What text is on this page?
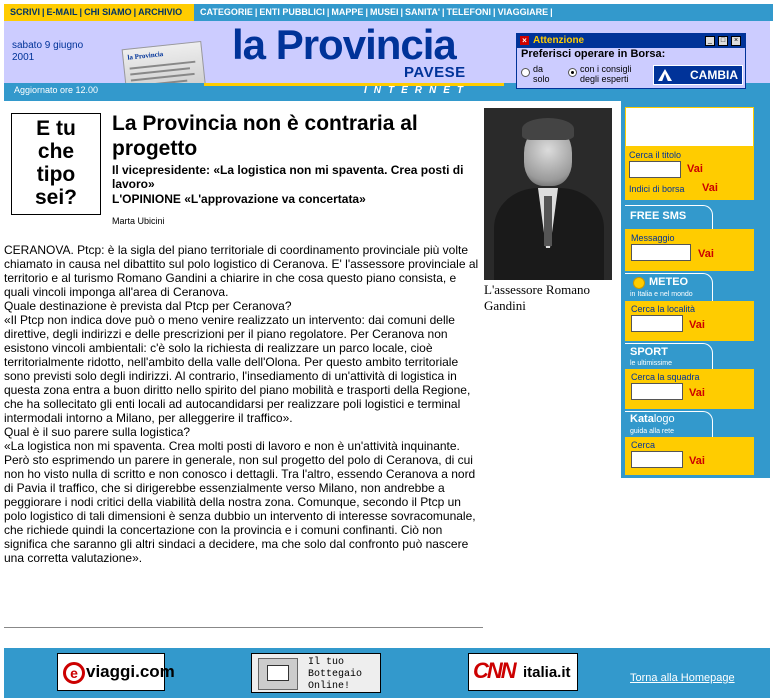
SCRIVI | E-MAIL | CHI SIAMO | ARCHIVIO CATEGORIE | ENTI PUBBLICI | MAPPE | MUSEI | SANITA' | TELEFONI | VIAGGIARE |
sabato 9 giugno
2001	la Provincia la Provincia
PAVESE
Aggiornato ore 12.00	INTERNET
× Attenzione	_	□	×
Preferisci operare in Borsa:
da
solo
con i consigli
degli esperti	CAMBIA
E tu
che
tipo
sei?
La Provincia non è contraria al progetto
Il vicepresidente: «La logistica non mi spaventa. Crea posti di lavoro»
L'OPINIONE «L'approvazione va concertata»
Marta Ubicini
L'assessore Romano Gandini

CERANOVA. Ptcp: è la sigla del piano territoriale di coordinamento provinciale più volte chiamato in causa nel dibattito sul polo logistico di Ceranova. E' l'assessore provinciale al territorio e al turismo Romano Gandini a chiarire in che cosa questo piano consista, e quali vincoli imponga all'area di Ceranova.

Quale destinazione è prevista dal Ptcp per Ceranova?

«Il Ptcp non indica dove può o meno venire realizzato un intervento: dai comuni delle direttive, degli indirizzi e delle prescrizioni per il piano regolatore. Per Ceranova non esistono vincoli ambientali: c'è solo la richiesta di realizzare un parco locale, cioè territorialmente ridotto, nell'ambito della valle dell'Olona. Per questo ambito territoriale sono previsti solo degli indirizzi. Al contrario, l'insediamento di un'attività di logistica in questa zona entra a buon diritto nello spirito del piano mobilità e trasporti della Regione, che ha sollecitato gli enti locali ad autocandidarsi per realizzare poli logistici e terminal intermodali intorno a Milano, per alleggerire il traffico».

Qual è il suo parere sulla logistica?

«La logistica non mi spaventa. Crea molti posti di lavoro e non è un'attività inquinante. Però sto esprimendo un parere in generale, non sul progetto del polo di Ceranova, di cui non ho visto nulla di scritto e non conosco i dettagli. Tra l'altro, essendo Ceranova a nord di Pavia il traffico, che si dirigerebbe essenzialmente verso Milano, non andrebbe a peggiorare i nodi critici della viabilità della nostra zona. Comunque, secondo il Ptcp un polo logistico di tali dimensioni è senza dubbio un intervento di interesse sovracomunale, che richiede quindi la concertazione con la provincia e i comuni confinanti. Ciò non significa che saranno gli altri sindaci a decidere, ma che solo dal confronto può nascere una corretta valutazione».

Cerca il titolo
Vai
Indici di borsa Vai
FREE SMS
Messaggio
Vai
METEO
in Italia e nel mondo
Cerca la località
Vai
SPORT
le ultimissime
Cerca la squadra
Vai
Katalogo
guida alla rete
Cerca
Vai
e viaggi.com	Il tuo
Bottegaio
Online!
CNN italia.it	Torna alla Homepage
